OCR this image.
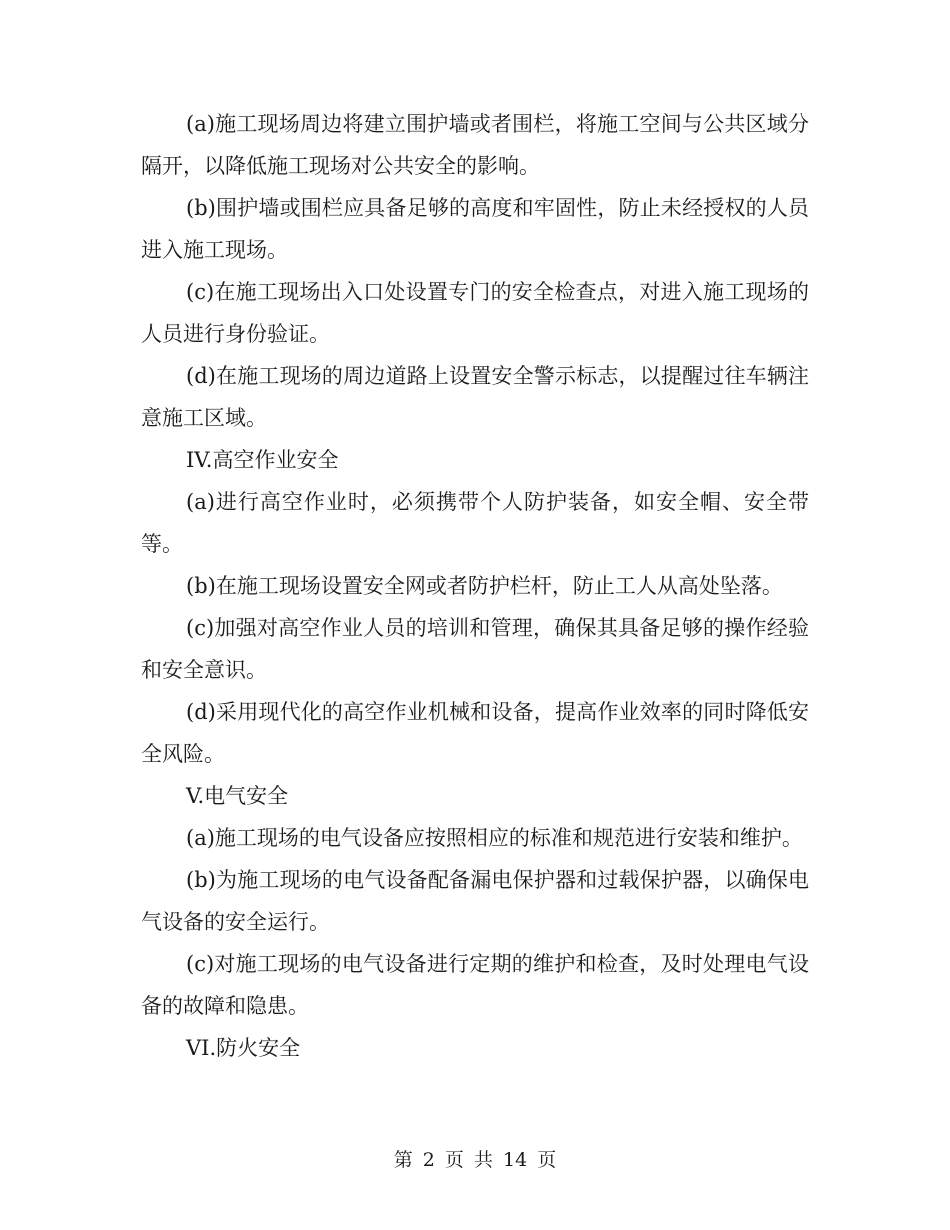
(a)施工现场周边将建立围护墙或者围栏，将施工空间与公共区域分隔开，以降低施工现场对公共安全的影响。

(b)围护墙或围栏应具备足够的高度和牢固性，防止未经授权的人员进入施工现场。

(c)在施工现场出入口处设置专门的安全检查点，对进入施工现场的人员进行身份验证。

(d)在施工现场的周边道路上设置安全警示标志，以提醒过往车辆注意施工区域。

IV.高空作业安全

(a)进行高空作业时，必须携带个人防护装备，如安全帽、安全带等。

(b)在施工现场设置安全网或者防护栏杆，防止工人从高处坠落。

(c)加强对高空作业人员的培训和管理，确保其具备足够的操作经验和安全意识。

(d)采用现代化的高空作业机械和设备，提高作业效率的同时降低安全风险。

V.电气安全

(a)施工现场的电气设备应按照相应的标准和规范进行安装和维护。

(b)为施工现场的电气设备配备漏电保护器和过载保护器，以确保电气设备的安全运行。

(c)对施工现场的电气设备进行定期的维护和检查，及时处理电气设备的故障和隐患。

VI.防火安全

第 2 页 共 14 页
